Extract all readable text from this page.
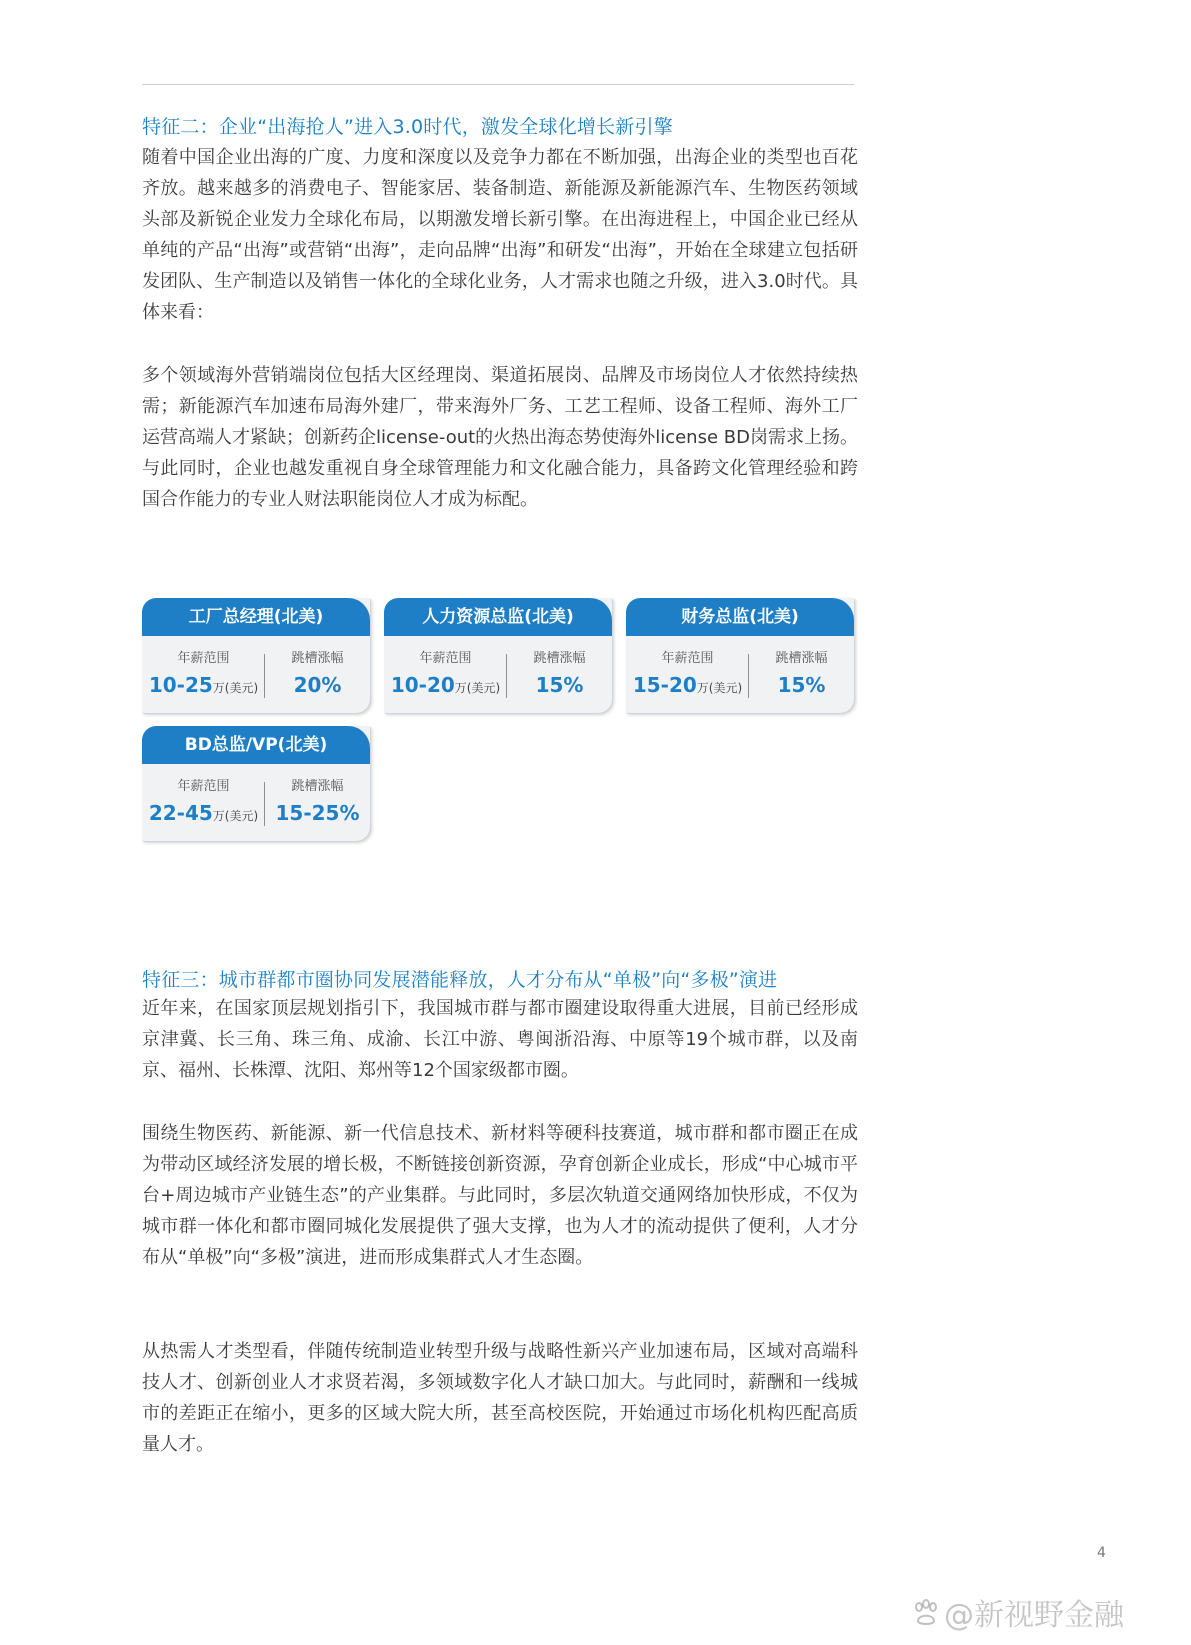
特征二：企业“出海抢人”进入3.0时代，激发全球化增长新引擎
随着中国企业出海的广度、力度和深度以及竞争力都在不断加强，出海企业的类型也百花齐放。越来越多的消费电子、智能家居、装备制造、新能源及新能源汽车、生物医药领域头部及新锐企业发力全球化布局，以期激发增长新引擎。在出海进程上，中国企业已经从单纯的产品“出海”或营销“出海”，走向品牌“出海”和研发“出海”，开始在全球建立包括研发团队、生产制造以及销售一体化的全球化业务，人才需求也随之升级，进入3.0时代。具体来看：
多个领域海外营销端岗位包括大区经理岗、渠道拓展岗、品牌及市场岗位人才依然持续热需；新能源汽车加速布局海外建厂，带来海外厂务、工艺工程师、设备工程师、海外工厂运营高端人才紧缺；创新药企license-out的火热出海态势使海外license BD岗需求上扬。与此同时，企业也越发重视自身全球管理能力和文化融合能力，具备跨文化管理经验和跨国合作能力的专业人财法职能岗位人才成为标配。
工厂总经理(北美)
年薪范围
10-25万(美元)
跳槽涨幅
20%
人力资源总监(北美)
年薪范围
10-20万(美元)
跳槽涨幅
15%
财务总监(北美)
年薪范围
15-20万(美元)
跳槽涨幅
15%
BD总监/VP(北美)
年薪范围
22-45万(美元)
跳槽涨幅
15-25%
特征三：城市群都市圈协同发展潜能释放，人才分布从“单极”向“多极”演进
近年来，在国家顶层规划指引下，我国城市群与都市圈建设取得重大进展，目前已经形成京津冀、长三角、珠三角、成渝、长江中游、粤闽浙沿海、中原等19个城市群，以及南京、福州、长株潭、沈阳、郑州等12个国家级都市圈。
围绕生物医药、新能源、新一代信息技术、新材料等硬科技赛道，城市群和都市圈正在成为带动区域经济发展的增长极，不断链接创新资源，孕育创新企业成长，形成“中心城市平台+周边城市产业链生态”的产业集群。与此同时，多层次轨道交通网络加快形成，不仅为城市群一体化和都市圈同城化发展提供了强大支撑，也为人才的流动提供了便利，人才分布从“单极”向“多极”演进，进而形成集群式人才生态圈。
从热需人才类型看，伴随传统制造业转型升级与战略性新兴产业加速布局，区域对高端科技人才、创新创业人才求贤若渴，多领域数字化人才缺口加大。与此同时，薪酬和一线城市的差距正在缩小，更多的区域大院大所，甚至高校医院，开始通过市场化机构匹配高质量人才。
4
@新视野金融
